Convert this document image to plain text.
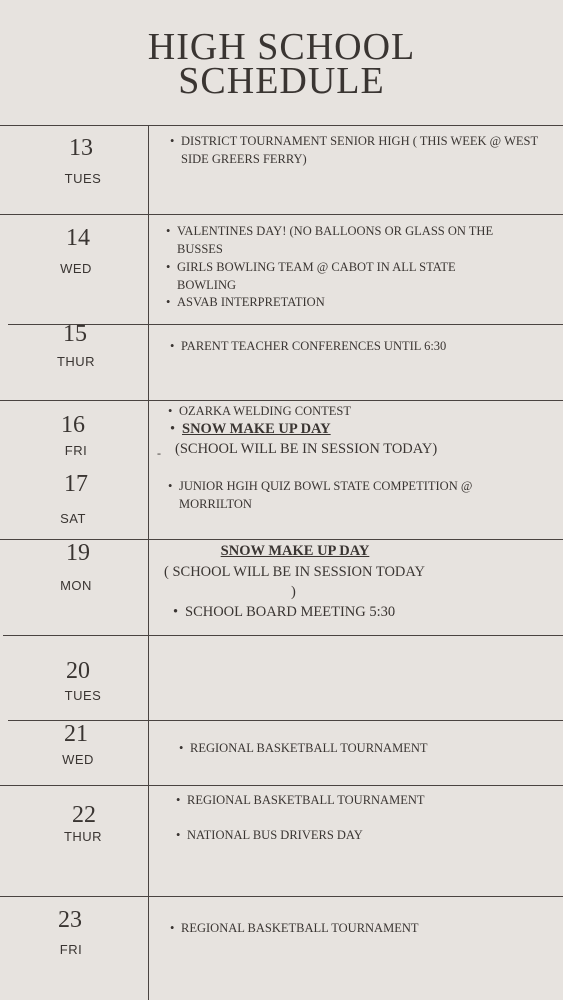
HIGH SCHOOL
SCHEDULE
13
TUES
14
WED
15
THUR
16
FRI
17
SAT
19
MON
20
TUES
21
WED
22
THUR
23
FRI
• DISTRICT TOURNAMENT SENIOR HIGH ( THIS WEEK @ WEST SIDE GREERS FERRY)
• VALENTINES DAY! (NO BALLOONS OR GLASS ON THE BUSSES
• GIRLS BOWLING TEAM @ CABOT IN ALL STATE BOWLING
• ASVAB INTERPRETATION
• PARENT TEACHER CONFERENCES UNTIL 6:30
• OZARKA WELDING CONTEST
• SNOW MAKE UP DAY
(SCHOOL WILL BE IN SESSION TODAY)
-
• JUNIOR HGIH QUIZ BOWL STATE COMPETITION @ MORRILTON
SNOW MAKE UP DAY
( SCHOOL WILL BE IN SESSION TODAY
)
• SCHOOL BOARD MEETING 5:30
• REGIONAL BASKETBALL TOURNAMENT
• REGIONAL BASKETBALL TOURNAMENT
• NATIONAL BUS DRIVERS DAY
• REGIONAL BASKETBALL TOURNAMENT
